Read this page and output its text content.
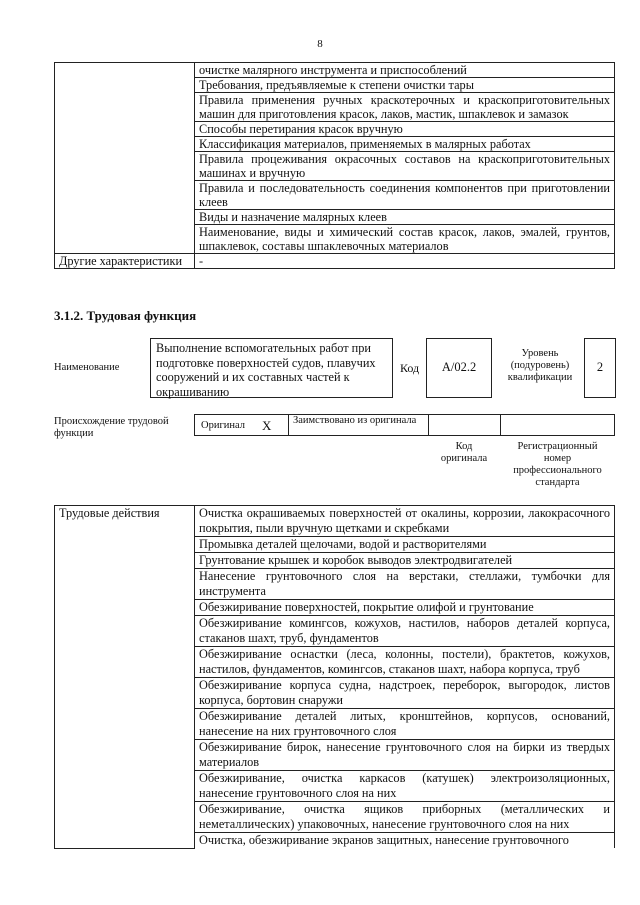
8
	очистке малярного инструмента и приспособлений
	Требования, предъявляемые к степени очистки тары
	Правила применения ручных краскотерочных и краскоприготовительных машин для приготовления красок, лаков, мастик, шпаклевок и замазок
	Способы перетирания красок вручную
	Классификация материалов, применяемых в малярных работах
	Правила процеживания окрасочных составов на краскоприготовительных машинах и вручную
	Правила и последовательность соединения компонентов при приготовлении клеев
	Виды и назначение малярных клеев
	Наименование, виды и химический состав красок, лаков, эмалей, грунтов, шпаклевок, составы шпаклевочных материалов
Другие характеристики	-
3.1.2. Трудовая функция
Наименование
Выполнение вспомогательных работ при подготовке поверхностей судов, плавучих сооружений и их составных частей к окрашиванию
Код	А/02.2
Уровень (подуровень) квалификации
2
Происхождение трудовой функции
Оригинал X Заимствовано из оригинала
Код оригинала
Регистрационный номер профессионального стандарта
Трудовые действия	Очистка окрашиваемых поверхностей от окалины, коррозии, лакокрасочного покрытия, пыли вручную щетками и скребками
Промывка деталей щелочами, водой и растворителями
Грунтование крышек и коробок выводов электродвигателей
Нанесение грунтовочного слоя на верстаки, стеллажи, тумбочки для инструмента
Обезжиривание поверхностей, покрытие олифой и грунтование
Обезжиривание комингсов, кожухов, настилов, наборов деталей корпуса, стаканов шахт, труб, фундаментов
Обезжиривание оснастки (леса, колонны, постели), брактетов, кожухов, настилов, фундаментов, комингсов, стаканов шахт, набора корпуса, труб
Обезжиривание корпуса судна, надстроек, переборок, выгородок, листов корпуса, бортовин снаружи
Обезжиривание деталей литых, кронштейнов, корпусов, оснований, нанесение на них грунтовочного слоя
Обезжиривание бирок, нанесение грунтовочного слоя на бирки из твердых материалов
Обезжиривание, очистка каркасов (катушек) электроизоляционных, нанесение грунтовочного слоя на них
Обезжиривание, очистка ящиков приборных (металлических и неметаллических) упаковочных, нанесение грунтовочного слоя на них
Очистка, обезжиривание экранов защитных, нанесение грунтовочного
